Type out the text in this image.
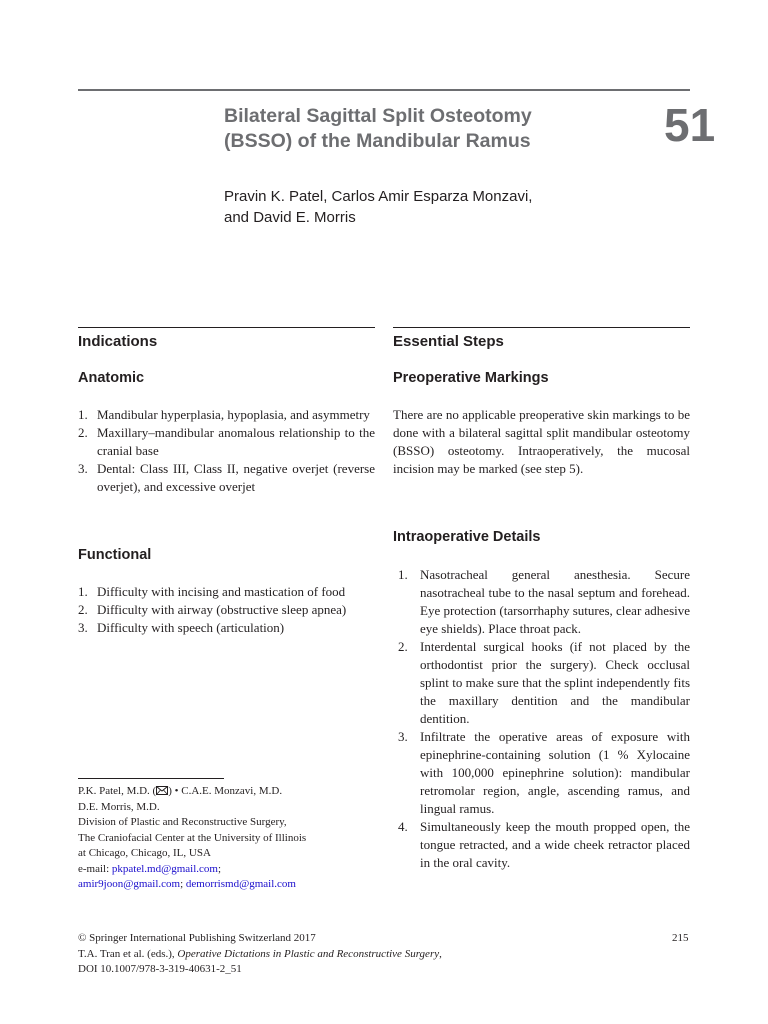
Bilateral Sagittal Split Osteotomy
(BSSO) of the Mandibular Ramus	51
Pravin K. Patel, Carlos Amir Esparza Monzavi,
and David E. Morris
Indications
Anatomic
1. Mandibular hyperplasia, hypoplasia, and asymmetry
2. Maxillary–mandibular anomalous relationship to the cranial base
3. Dental: Class III, Class II, negative overjet (reverse overjet), and excessive overjet
Functional
1. Difficulty with incising and mastication of food
2. Difficulty with airway (obstructive sleep apnea)
3. Difficulty with speech (articulation)
Essential Steps
Preoperative Markings

There are no applicable preoperative skin markings to be done with a bilateral sagittal split mandibular osteotomy (BSSO) osteotomy. Intraoperatively, the mucosal incision may be marked (see step 5).

Intraoperative Details
1. Nasotracheal general anesthesia. Secure nasotracheal tube to the nasal septum and forehead. Eye protection (tarsorrhaphy sutures, clear adhesive eye shields). Place throat pack.
2. Interdental surgical hooks (if not placed by the orthodontist prior the surgery). Check occlusal splint to make sure that the splint independently fits the maxillary dentition and the mandibular dentition.
3. Infiltrate the operative areas of exposure with epinephrine-containing solution (1 % Xylocaine with 100,000 epinephrine solution): mandibular retromolar region, angle, ascending ramus, and lingual ramus.
4. Simultaneously keep the mouth propped open, the tongue retracted, and a wide cheek retractor placed in the oral cavity.
P.K. Patel, M.D. ( ) • C.A.E. Monzavi, M.D.
D.E. Morris, M.D.
Division of Plastic and Reconstructive Surgery,
The Craniofacial Center at the University of Illinois
at Chicago, Chicago, IL, USA
e-mail: pkpatel.md@gmail.com;
amir9joon@gmail.com; demorrismd@gmail.com
© Springer International Publishing Switzerland 2017
T.A. Tran et al. (eds.), Operative Dictations in Plastic and Reconstructive Surgery,
DOI 10.1007/978-3-319-40631-2_51
215
